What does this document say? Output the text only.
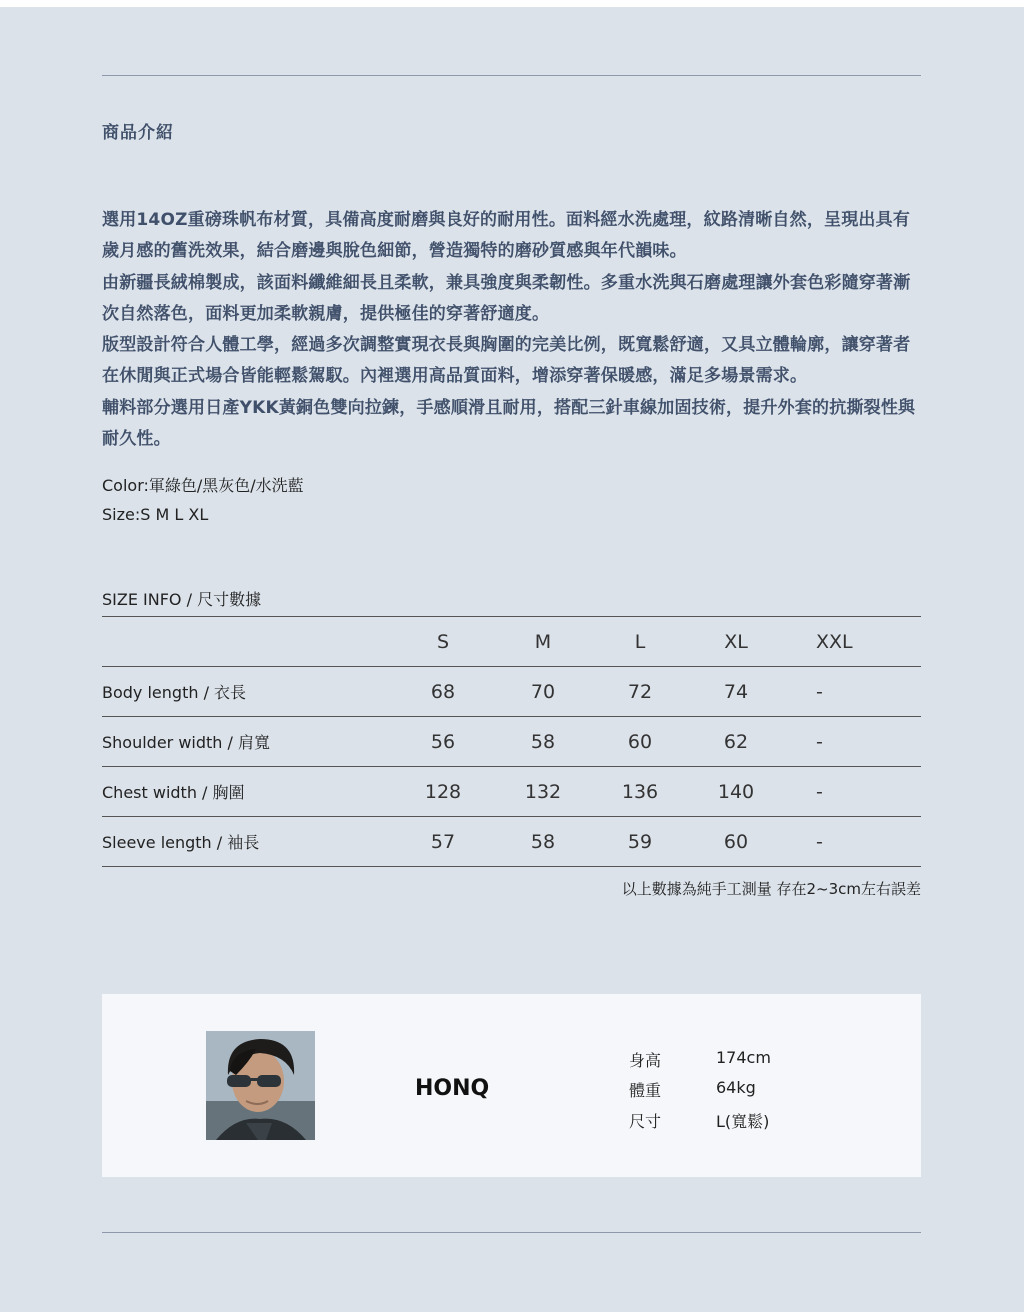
商品介紹

選用14OZ重磅珠帆布材質，具備高度耐磨與良好的耐用性。面料經水洗處理，紋路清晰自然，呈現出具有歲月感的舊洗效果，結合磨邊與脫色細節，營造獨特的磨砂質感與年代韻味。

由新疆長絨棉製成，該面料纖維細長且柔軟，兼具強度與柔韌性。多重水洗與石磨處理讓外套色彩隨穿著漸次自然落色，面料更加柔軟親膚，提供極佳的穿著舒適度。

版型設計符合人體工學，經過多次調整實現衣長與胸圍的完美比例，既寬鬆舒適，又具立體輪廓，讓穿著者在休閒與正式場合皆能輕鬆駕馭。內裡選用高品質面料，增添穿著保暖感，滿足多場景需求。

輔料部分選用日產YKK黃銅色雙向拉鍊，手感順滑且耐用，搭配三針車線加固技術，提升外套的抗撕裂性與耐久性。

Color:軍綠色/黑灰色/水洗藍
Size:S M L XL
SIZE INFO / 尺寸數據
	S	M	L	XL	XXL
Body length / 衣長	68	70	72	74	-
Shoulder width / 肩寬	56	58	60	62	-
Chest width / 胸圍	128	132	136	140	-
Sleeve length / 袖長	57	58	59	60	-
以上數據為純手工測量 存在2~3cm左右誤差
HONQ
身高	174cm
體重	64kg
尺寸	L(寬鬆)
